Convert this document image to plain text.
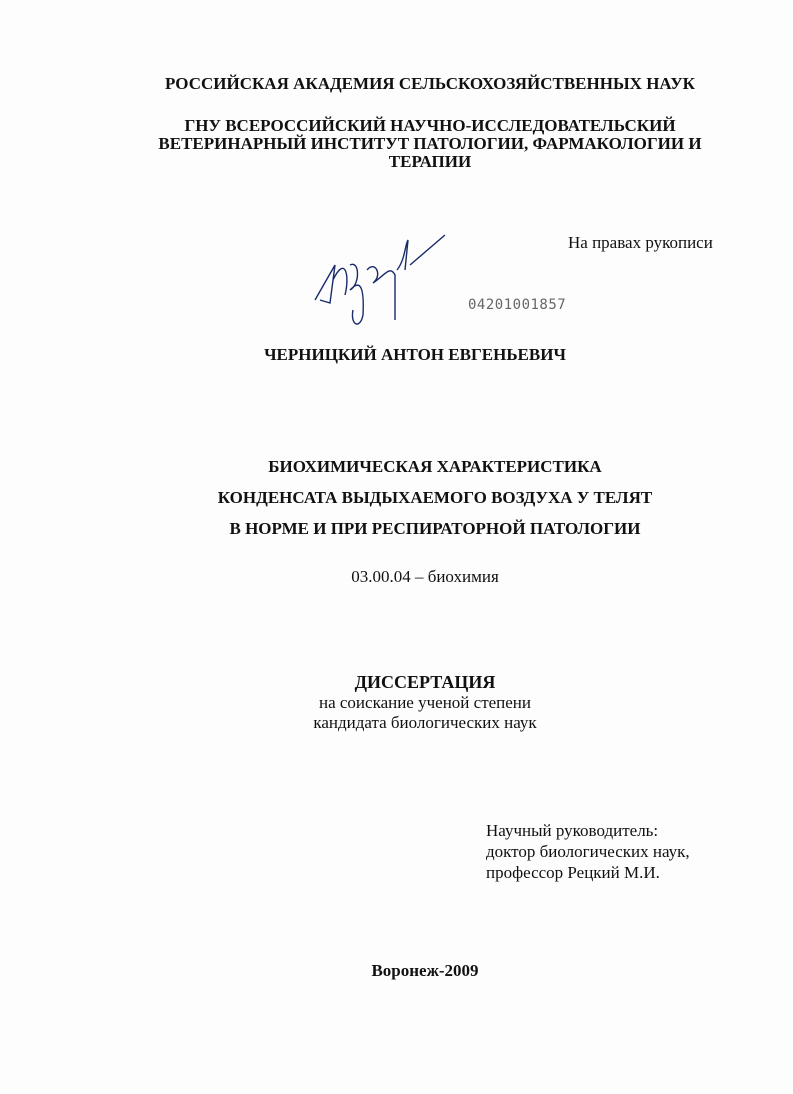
РОССИЙСКАЯ АКАДЕМИЯ СЕЛЬСКОХОЗЯЙСТВЕННЫХ НАУК
ГНУ ВСЕРОССИЙСКИЙ НАУЧНО-ИССЛЕДОВАТЕЛЬСКИЙ
ВЕТЕРИНАРНЫЙ ИНСТИТУТ ПАТОЛОГИИ, ФАРМАКОЛОГИИ И
ТЕРАПИИ
На правах рукописи
04201001857
ЧЕРНИЦКИЙ АНТОН ЕВГЕНЬЕВИЧ
БИОХИМИЧЕСКАЯ ХАРАКТЕРИСТИКА
КОНДЕНСАТА ВЫДЫХАЕМОГО ВОЗДУХА У ТЕЛЯТ
В НОРМЕ И ПРИ РЕСПИРАТОРНОЙ ПАТОЛОГИИ
03.00.04 – биохимия
ДИССЕРТАЦИЯ
на соискание ученой степени
кандидата биологических наук
Научный руководитель:
доктор биологических наук,
профессор Рецкий М.И.
Воронеж-2009
